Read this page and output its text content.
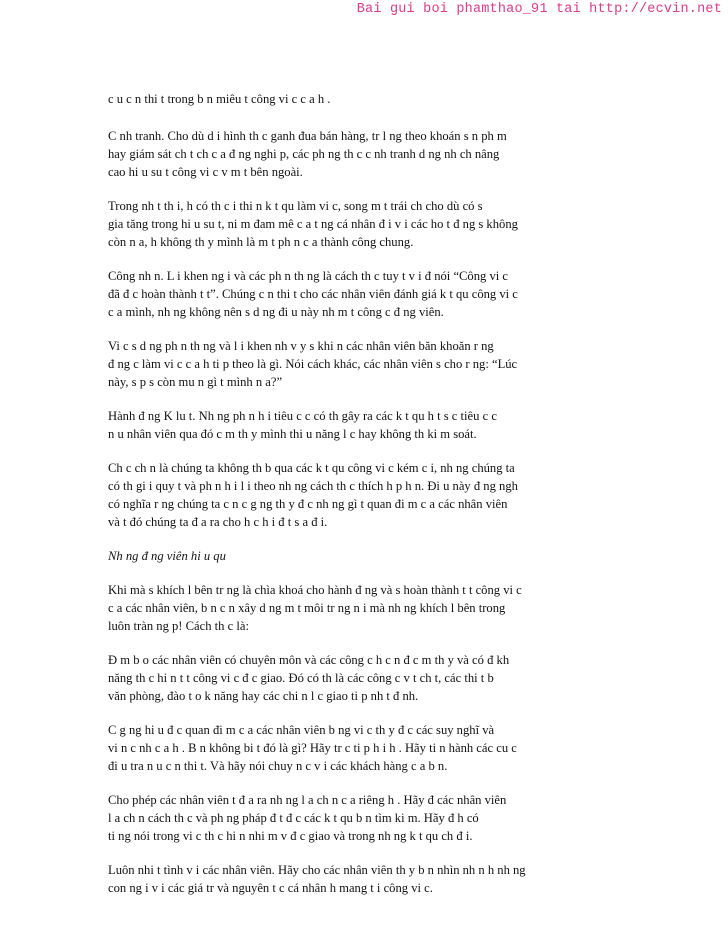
Bai gui boi phamthao_91 tai http://ecvin.net

c u c n thi t trong b n miêu t công vi c c a h .

C nh tranh. Cho dù d i hình th c ganh đua bán hàng, tr l ng theo khoán s n ph m
hay giám sát ch t ch c a đ ng nghi p, các ph ng th c c nh tranh d ng nh ch nâng
cao hi u su t công vi c v m t bên ngoài.

Trong nh t th i, h có th c i thi n k t qu làm vi c, song m t trái ch cho dù có s
gia tăng trong hi u su t, ni m đam mê c a t ng cá nhân đ i v i các ho t đ ng s không
còn n a, h không th y mình là m t ph n c a thành công chung.

Công nh n. L i khen ng i và các ph n th ng là cách th c tuy t v i đ nói “Công vi c
đã đ c hoàn thành t t”. Chúng c n thi t cho các nhân viên đánh giá k t qu công vi c
c a mình, nh ng không nên s d ng đi u này nh m t công c đ ng viên.

Vi c s d ng ph n th ng và l i khen nh v y s khi n các nhân viên băn khoăn r ng
đ ng c làm vi c c a h ti p theo là gì. Nói cách khác, các nhân viên s cho r ng: “Lúc
này, s p s còn mu n gì t mình n a?”

Hành đ ng K lu t. Nh ng ph n h i tiêu c c có th gây ra các k t qu h t s c tiêu c c
n u nhân viên qua đó c m th y mình thi u năng l c hay không th ki m soát.

Ch c ch n là chúng ta không th b qua các k t qu công vi c kém c i, nh ng chúng ta
có th gi i quy t và ph n h i l i theo nh ng cách th c thích h p h n. Đi u này đ ng ngh
có nghĩa r ng chúng ta c n c g ng th y đ c nh ng gì t quan đi m c a các nhân viên
và t đó chúng ta đ a ra cho h c h i đ t s a đ i.

Nh ng đ ng viên hi u qu

Khi mà s khích l bên tr ng là chìa khoá cho hành đ ng và s hoàn thành t t công vi c
c a các nhân viên, b n c n xây d ng m t môi tr ng n i mà nh ng khích l bên trong
luôn tràn ng p! Cách th c là:

Đ m b o các nhân viên có chuyên môn và các công c h c n đ c m th y và có đ kh
năng th c hi n t t công vi c đ c giao. Đó có th là các công c v t ch t, các thi t b
văn phòng, đào t o k năng hay các chi n l c giao ti p nh t đ nh.

C g ng hi u đ c quan đi m c a các nhân viên b ng vi c th y đ c các suy nghĩ và
vi n c nh c a h . B n không bi t đó là gì? Hãy tr c ti p h i h . Hãy ti n hành các cu c
đi u tra n u c n thi t. Và hãy nói chuy n c v i các khách hàng c a b n.

Cho phép các nhân viên t đ a ra nh ng l a ch n c a riêng h . Hãy đ các nhân viên
l a ch n cách th c và ph ng pháp đ t đ c các k t qu b n tìm ki m. Hãy đ h có
ti ng nói trong vi c th c hi n nhi m v đ c giao và trong nh ng k t qu ch đ i.

Luôn nhi t tình v i các nhân viên. Hãy cho các nhân viên th y b n nhìn nh n h nh ng
con ng i v i các giá tr và nguyên t c cá nhân h mang t i công vi c.
